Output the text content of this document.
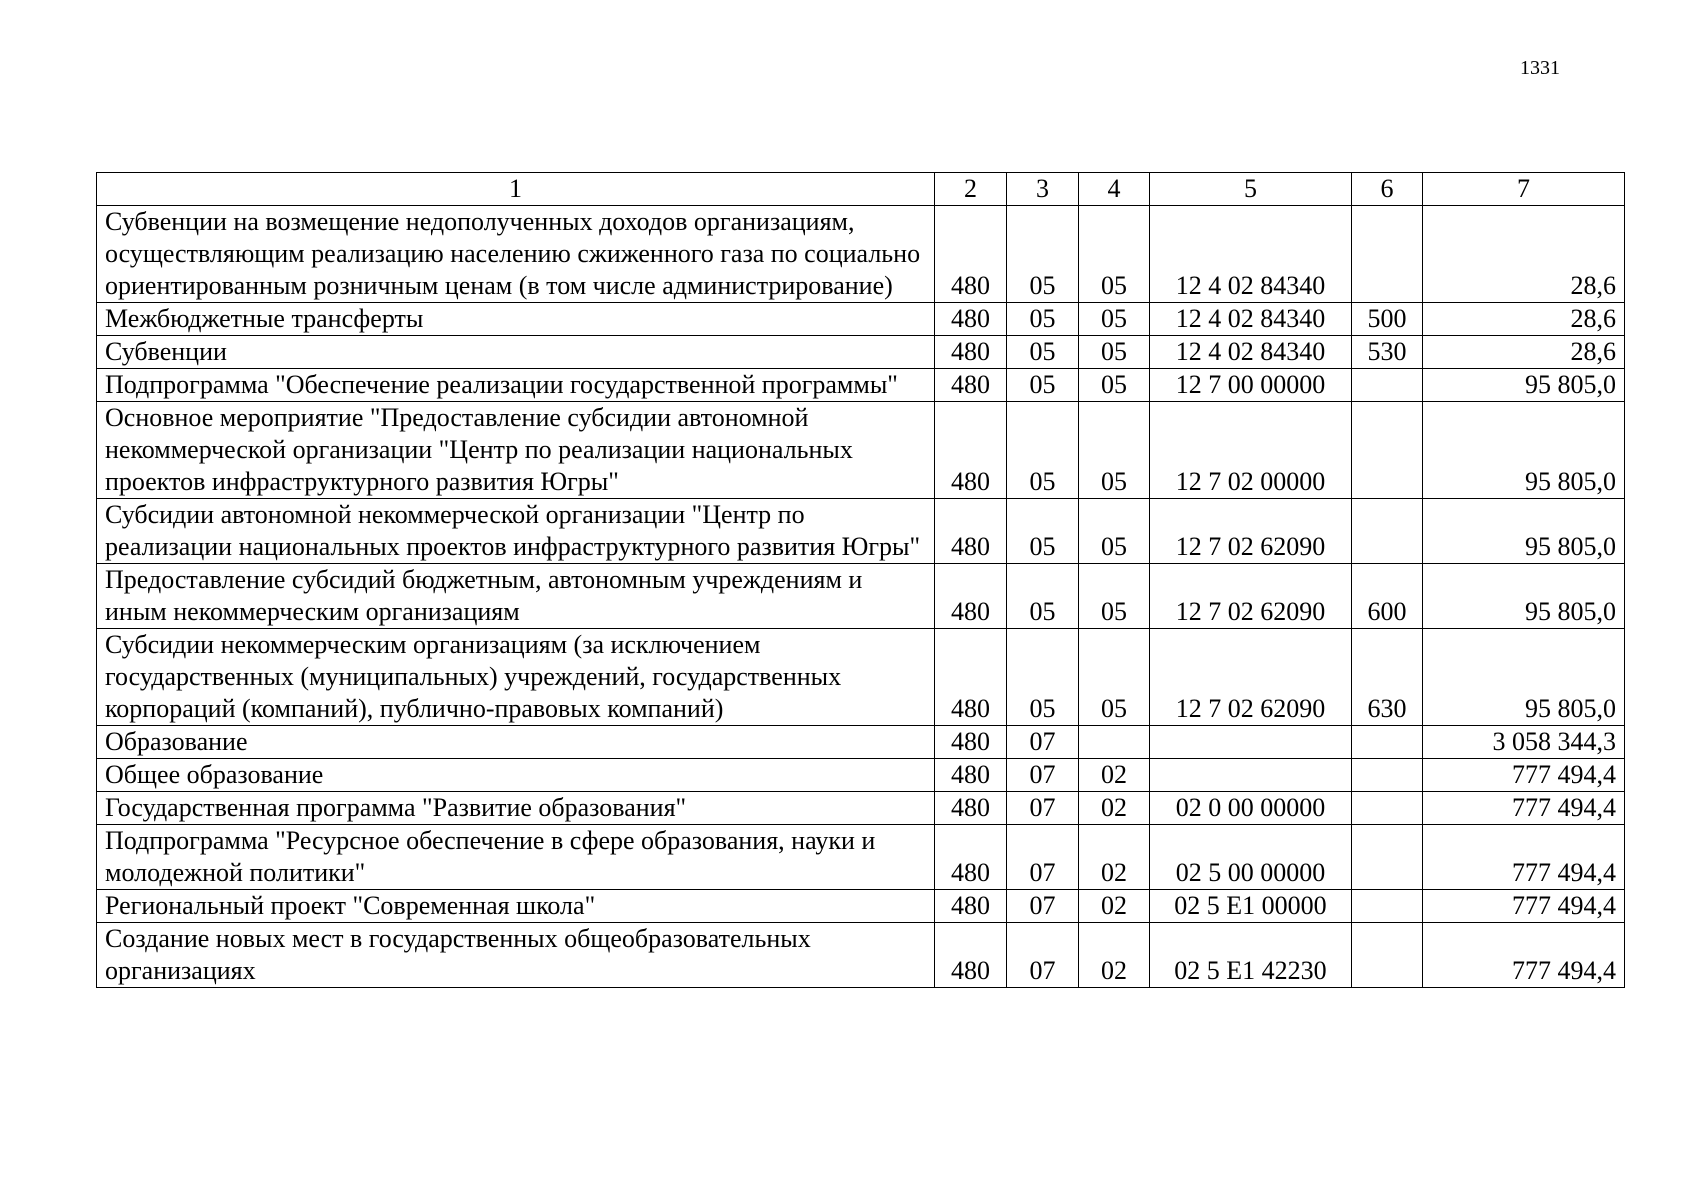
1331
1	2	3	4	5	6	7
Субвенции на возмещение недополученных доходов организациям, осуществляющим реализацию населению сжиженного газа по социально ориентированным розничным ценам (в том числе администрирование)	480	05	05	12 4 02 84340		28,6
Межбюджетные трансферты	480	05	05	12 4 02 84340	500	28,6
Субвенции	480	05	05	12 4 02 84340	530	28,6
Подпрограмма "Обеспечение реализации государственной программы"	480	05	05	12 7 00 00000		95 805,0
Основное мероприятие "Предоставление субсидии автономной некоммерческой организации "Центр по реализации национальных проектов инфраструктурного развития Югры"	480	05	05	12 7 02 00000		95 805,0
Субсидии автономной некоммерческой организации "Центр по реализации национальных проектов инфраструктурного развития Югры"	480	05	05	12 7 02 62090		95 805,0
Предоставление субсидий бюджетным, автономным учреждениям и иным некоммерческим организациям	480	05	05	12 7 02 62090	600	95 805,0
Субсидии некоммерческим организациям (за исключением государственных (муниципальных) учреждений, государственных корпораций (компаний), публично-правовых компаний)	480	05	05	12 7 02 62090	630	95 805,0
Образование	480	07				3 058 344,3
Общее образование	480	07	02			777 494,4
Государственная программа "Развитие образования"	480	07	02	02 0 00 00000		777 494,4
Подпрограмма "Ресурсное обеспечение в сфере образования, науки и молодежной политики"	480	07	02	02 5 00 00000		777 494,4
Региональный проект "Современная школа"	480	07	02	02 5 E1 00000		777 494,4
Создание новых мест в государственных общеобразовательных организациях	480	07	02	02 5 E1 42230		777 494,4
